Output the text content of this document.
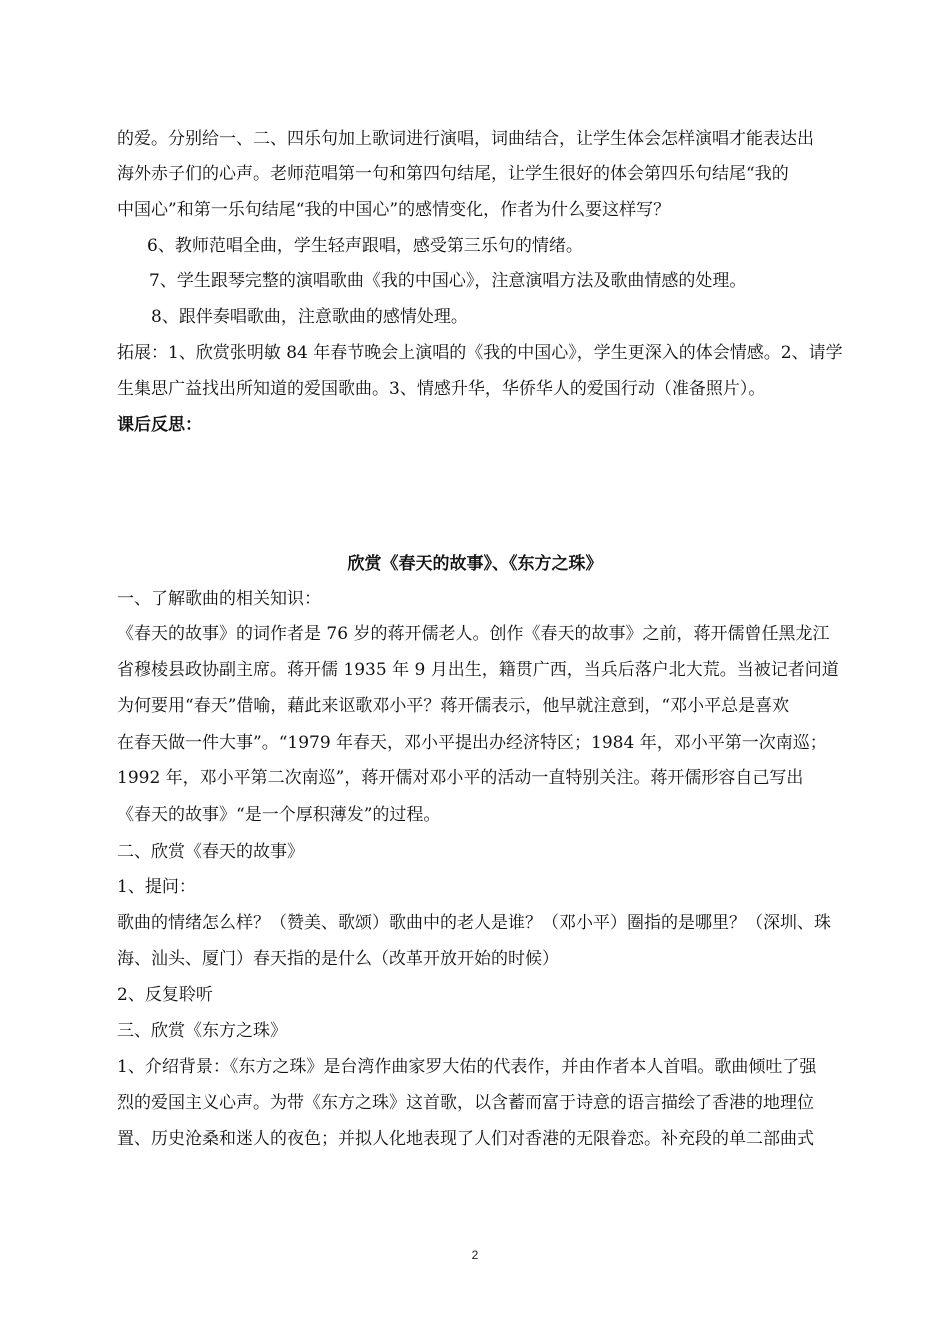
的爱。分别给一、二、四乐句加上歌词进行演唱，词曲结合，让学生体会怎样演唱才能表达出
海外赤子们的心声。老师范唱第一句和第四句结尾，让学生很好的体会第四乐句结尾“我的
中国心”和第一乐句结尾“我的中国心”的感情变化，作者为什么要这样写？
6、教师范唱全曲，学生轻声跟唱，感受第三乐句的情绪。
7、学生跟琴完整的演唱歌曲《我的中国心》，注意演唱方法及歌曲情感的处理。
8、跟伴奏唱歌曲，注意歌曲的感情处理。
拓展：1、欣赏张明敏 84 年春节晚会上演唱的《我的中国心》，学生更深入的体会情感。2、请学
生集思广益找出所知道的爱国歌曲。3、情感升华，华侨华人的爱国行动（准备照片）。
课后反思：
欣赏《春天的故事》、《东方之珠》
一、了解歌曲的相关知识：
《春天的故事》的词作者是 76 岁的蒋开儒老人。创作《春天的故事》之前，蒋开儒曾任黑龙江
省穆棱县政协副主席。蒋开儒 1935 年 9 月出生，籍贯广西，当兵后落户北大荒。当被记者问道
为何要用“春天”借喻，藉此来讴歌邓小平？蒋开儒表示，他早就注意到，“邓小平总是喜欢
在春天做一件大事”。“1979 年春天，邓小平提出办经济特区；1984 年，邓小平第一次南巡；
1992 年，邓小平第二次南巡”，蒋开儒对邓小平的活动一直特别关注。蒋开儒形容自己写出
《春天的故事》“是一个厚积薄发”的过程。
二、欣赏《春天的故事》
1、提问：
歌曲的情绪怎么样？（赞美、歌颂）歌曲中的老人是谁？（邓小平）圈指的是哪里？（深圳、珠
海、汕头、厦门）春天指的是什么（改革开放开始的时候）
2、反复聆听
三、欣赏《东方之珠》
1、介绍背景：《东方之珠》是台湾作曲家罗大佑的代表作，并由作者本人首唱。歌曲倾吐了强
烈的爱国主义心声。为带《东方之珠》这首歌，以含蓄而富于诗意的语言描绘了香港的地理位
置、历史沧桑和迷人的夜色；并拟人化地表现了人们对香港的无限眷恋。补充段的单二部曲式
2
